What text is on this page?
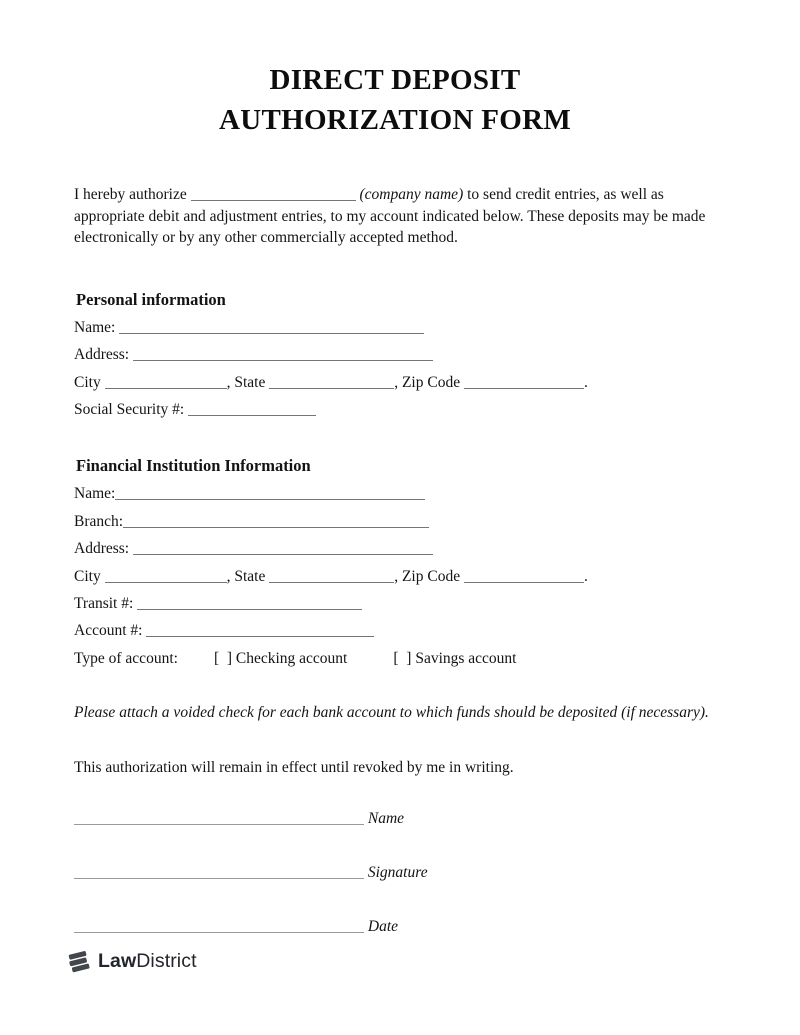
DIRECT DEPOSIT
AUTHORIZATION FORM

I hereby authorize	(company name) to send credit entries, as well as appropriate debit and adjustment entries, to my account indicated below. These deposits may be made electronically or by any other commercially accepted method.

Personal information

Name:

Address:

City	, State	, Zip Code	.

Social Security #:

Financial Institution Information

Name:

Branch:

Address:

City	, State	, Zip Code	.

Transit #:

Account #:

Type of account: [  ] Checking account	[  ] Savings account

Please attach a voided check for each bank account to which funds should be deposited (if necessary).

This authorization will remain in effect until revoked by me in writing.

Name

Signature

Date

LawDistrict
